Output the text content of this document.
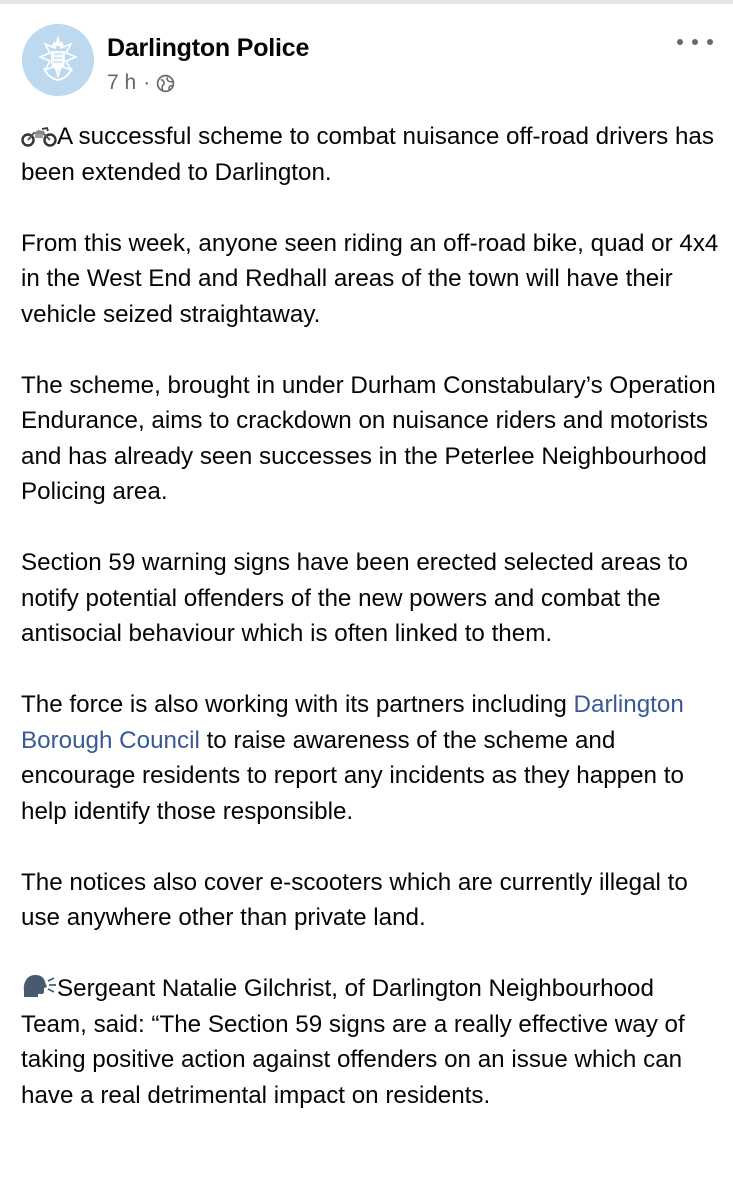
Darlington Police
7 h ·

A successful scheme to combat nuisance off-road drivers has been extended to Darlington.

From this week, anyone seen riding an off-road bike, quad or 4x4 in the West End and Redhall areas of the town will have their vehicle seized straightaway.

The scheme, brought in under Durham Constabulary’s Operation Endurance, aims to crackdown on nuisance riders and motorists and has already seen successes in the Peterlee Neighbourhood Policing area.

Section 59 warning signs have been erected selected areas to notify potential offenders of the new powers and combat the antisocial behaviour which is often linked to them.

The force is also working with its partners including Darlington Borough Council to raise awareness of the scheme and encourage residents to report any incidents as they happen to help identify those responsible.

The notices also cover e-scooters which are currently illegal to use anywhere other than private land.

Sergeant Natalie Gilchrist, of Darlington Neighbourhood Team, said: “The Section 59 signs are a really effective way of taking positive action against offenders on an issue which can have a real detrimental impact on residents.
